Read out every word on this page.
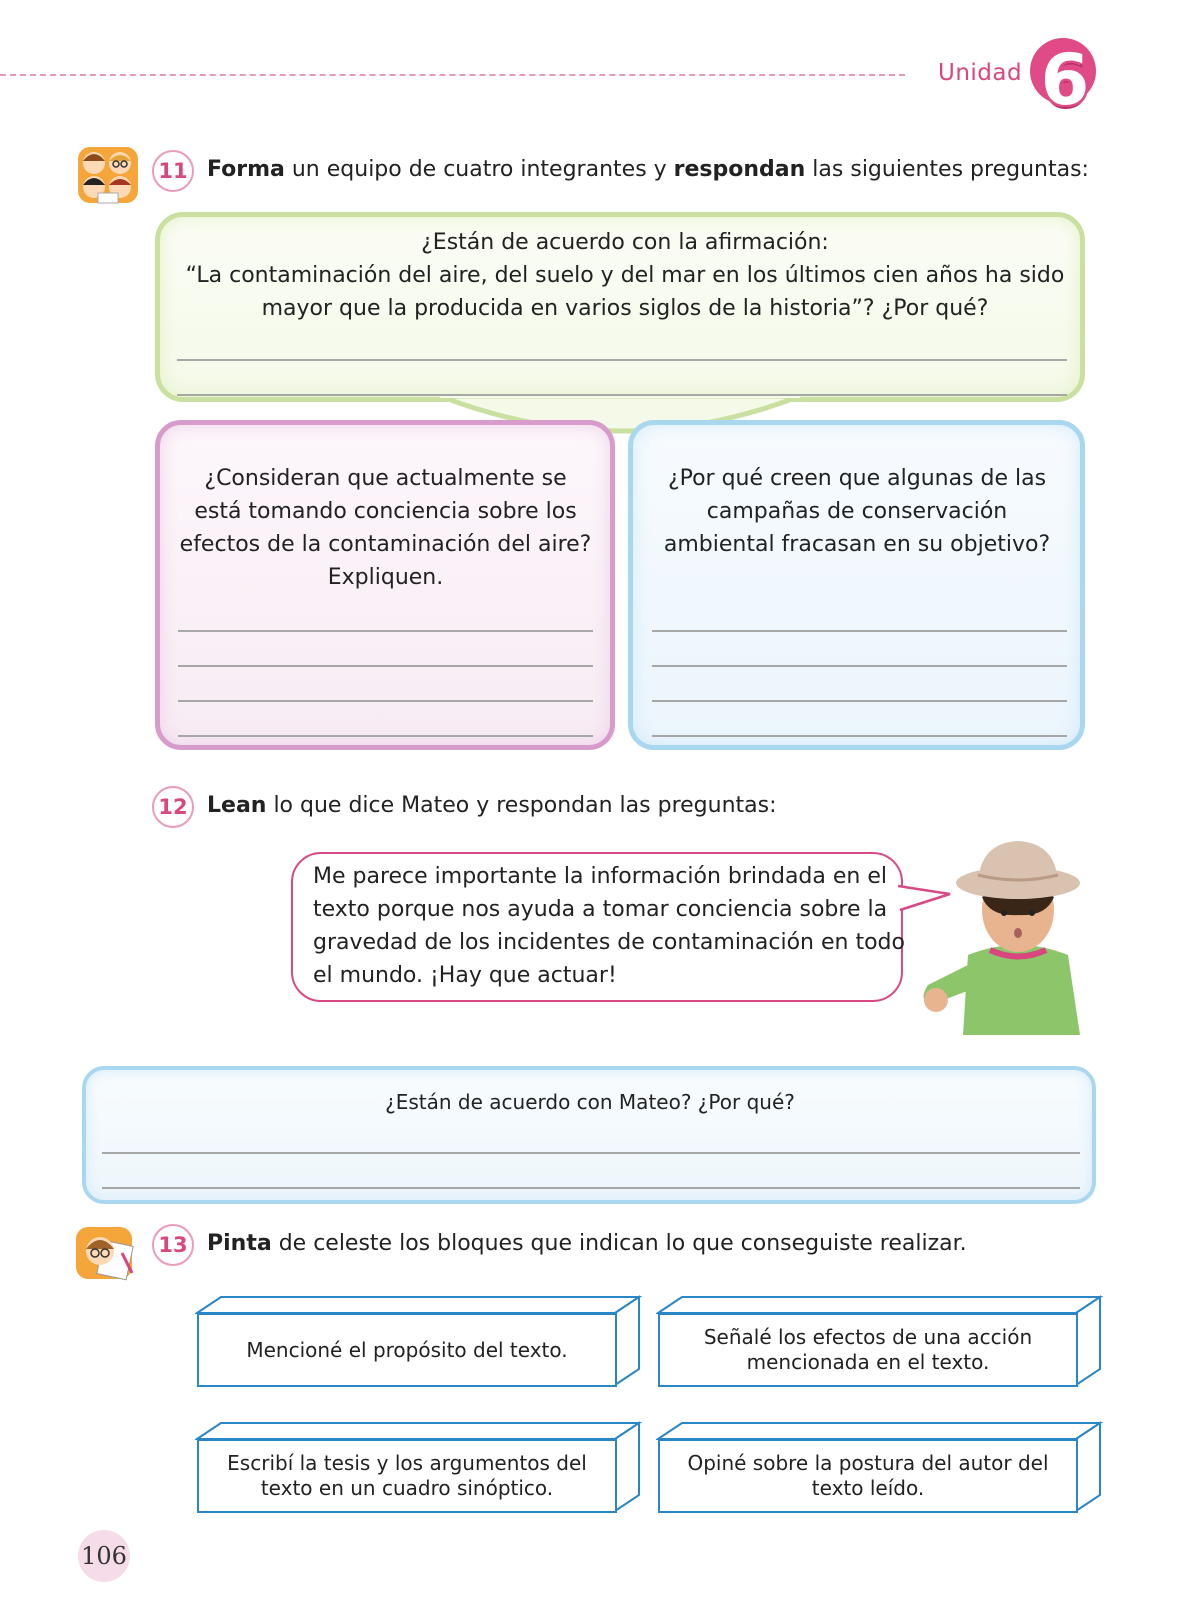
Unidad 6
11 Forma un equipo de cuatro integrantes y respondan las siguientes preguntas:
¿Están de acuerdo con la afirmación:
“La contaminación del aire, del suelo y del mar en los últimos cien años ha sido mayor que la producida en varios siglos de la historia”? ¿Por qué?
¿Consideran que actualmente se está tomando conciencia sobre los efectos de la contaminación del aire? Expliquen.
¿Por qué creen que algunas de las campañas de conservación ambiental fracasan en su objetivo?
12 Lean lo que dice Mateo y respondan las preguntas:
Me parece importante la información brindada en el texto porque nos ayuda a tomar conciencia sobre la gravedad de los incidentes de contaminación en todo el mundo. ¡Hay que actuar!
¿Están de acuerdo con Mateo? ¿Por qué?
13 Pinta de celeste los bloques que indican lo que conseguiste realizar.
Mencioné el propósito del texto.
Señalé los efectos de una acción mencionada en el texto.
Escribí la tesis y los argumentos del texto en un cuadro sinóptico.
Opiné sobre la postura del autor del texto leído.
106
